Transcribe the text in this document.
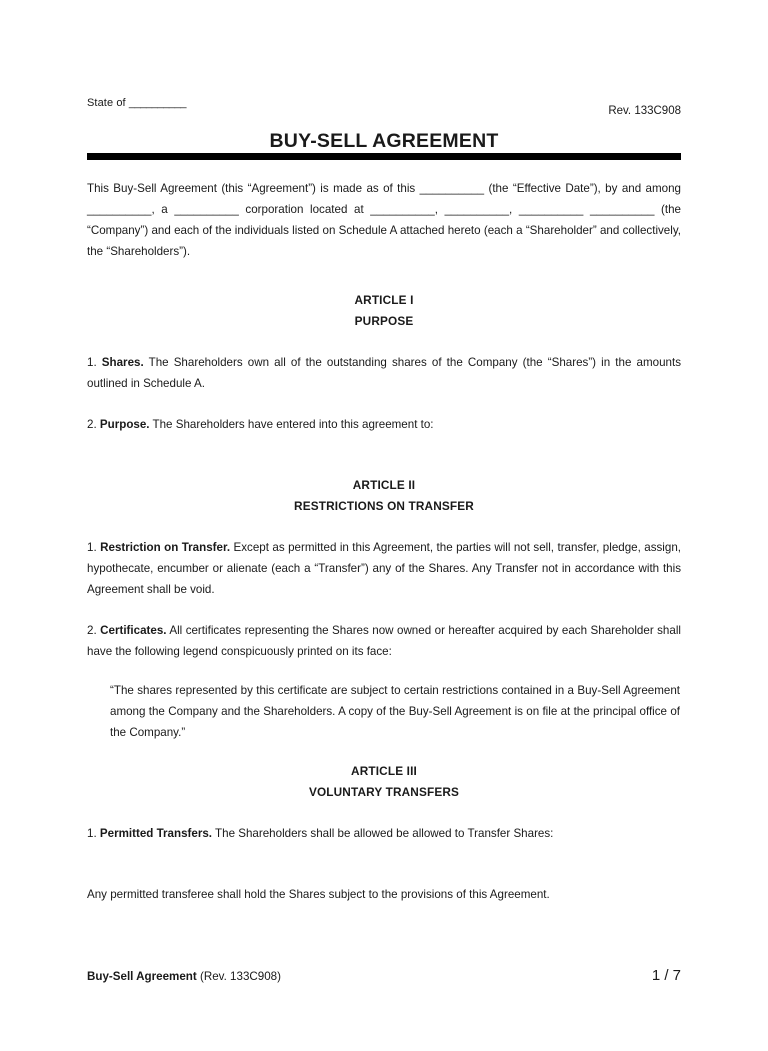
State of __________
Rev. 133C908
BUY-SELL AGREEMENT

This Buy-Sell Agreement (this “Agreement”) is made as of this __________ (the “Effective Date”), by and among __________, a __________ corporation located at __________, __________, __________ __________ (the “Company”) and each of the individuals listed on Schedule A attached hereto (each a “Shareholder” and collectively, the “Shareholders”).

ARTICLE I

PURPOSE

1. Shares. The Shareholders own all of the outstanding shares of the Company (the “Shares”) in the amounts outlined in Schedule A.

2. Purpose. The Shareholders have entered into this agreement to:

ARTICLE II

RESTRICTIONS ON TRANSFER

1. Restriction on Transfer. Except as permitted in this Agreement, the parties will not sell, transfer, pledge, assign, hypothecate, encumber or alienate (each a “Transfer”) any of the Shares. Any Transfer not in accordance with this Agreement shall be void.

2. Certificates. All certificates representing the Shares now owned or hereafter acquired by each Shareholder shall have the following legend conspicuously printed on its face:

“The shares represented by this certificate are subject to certain restrictions contained in a Buy-Sell Agreement among the Company and the Shareholders. A copy of the Buy-Sell Agreement is on file at the principal office of the Company.”

ARTICLE III

VOLUNTARY TRANSFERS

1. Permitted Transfers. The Shareholders shall be allowed be allowed to Transfer Shares:

Any permitted transferee shall hold the Shares subject to the provisions of this Agreement.

Buy-Sell Agreement (Rev. 133C908)	1 / 7
